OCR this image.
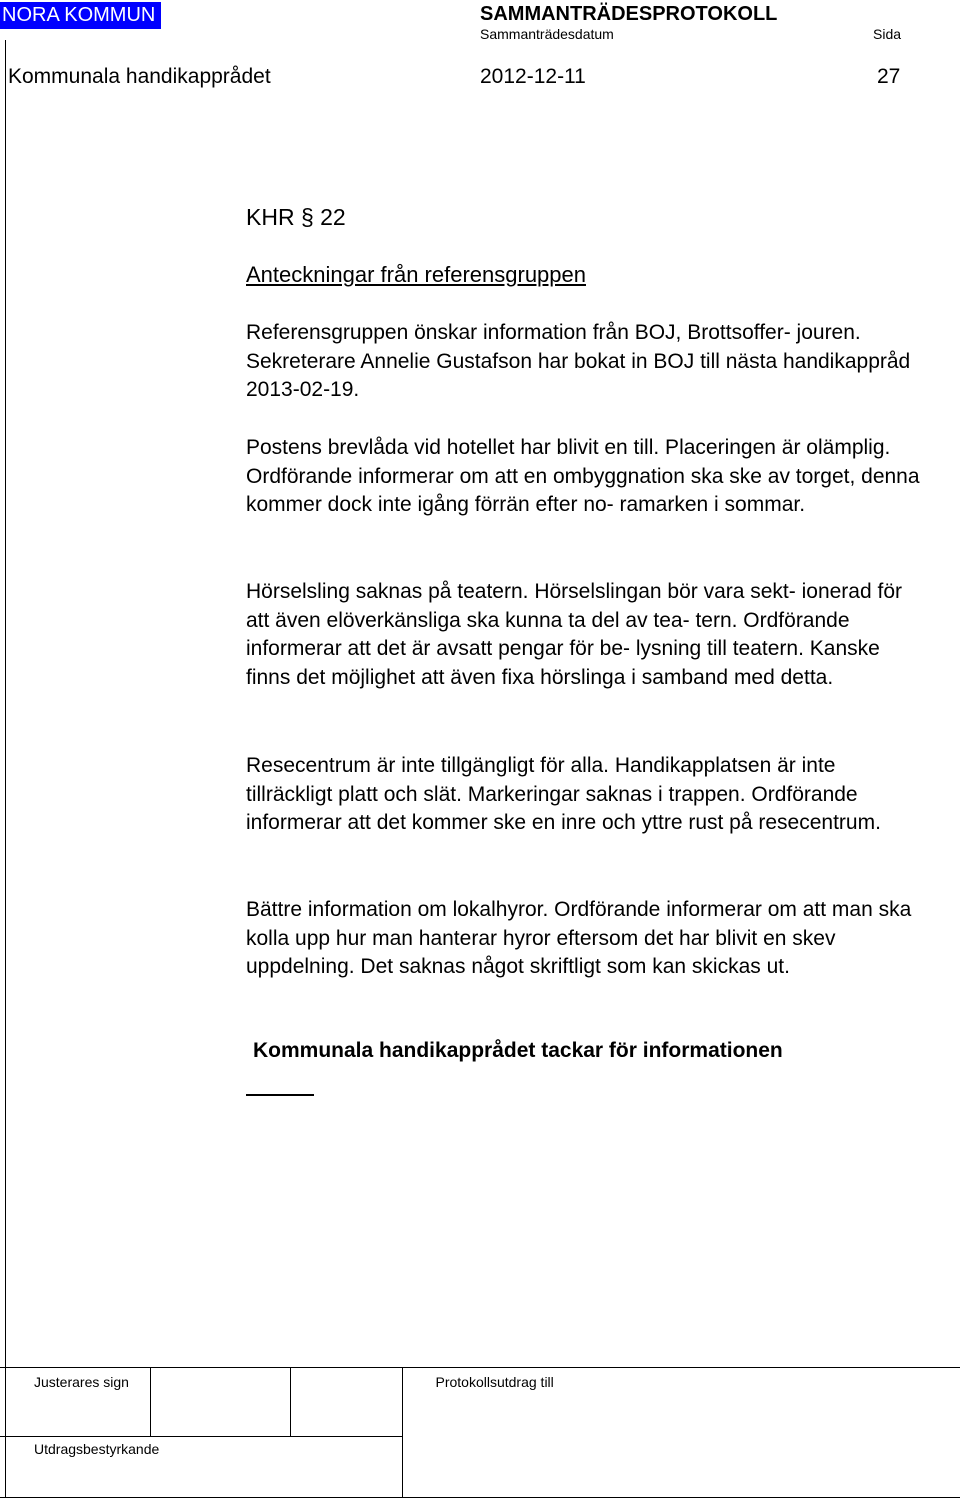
NORA KOMMUN	SAMMANTRÄDESPROTOKOLL
Sammanträdesdatum	Sida
Kommunala handikapprådet	2012-12-11	27
KHR § 22
Anteckningar från referensgruppen
Referensgruppen önskar information från BOJ, Brottsoffer- jouren. Sekreterare Annelie Gustafson har bokat in BOJ till nästa handikappråd 2013-02-19.
Postens brevlåda vid hotellet har blivit en till. Placeringen är olämplig. Ordförande informerar om att en ombyggnation ska ske av torget, denna kommer dock inte igång förrän efter no- ramarken i sommar.
Hörselsling saknas på teatern. Hörselslingan bör vara sekt- ionerad för att även elöverkänsliga ska kunna ta del av tea- tern. Ordförande informerar att det är avsatt pengar för be- lysning till teatern. Kanske finns det möjlighet att även fixa hörslinga i samband med detta.
Resecentrum är inte tillgängligt för alla. Handikapplatsen är inte tillräckligt platt och slät. Markeringar saknas i trappen. Ordförande informerar att det kommer ske en inre och yttre rust på resecentrum.
Bättre information om lokalhyror. Ordförande informerar om att man ska kolla upp hur man hanterar hyror eftersom det har blivit en skev uppdelning. Det saknas något skriftligt som kan skickas ut.
Kommunala handikapprådet tackar för informationen
Justerares sign			Protokollsutdrag till
Utdragsbestyrkande
